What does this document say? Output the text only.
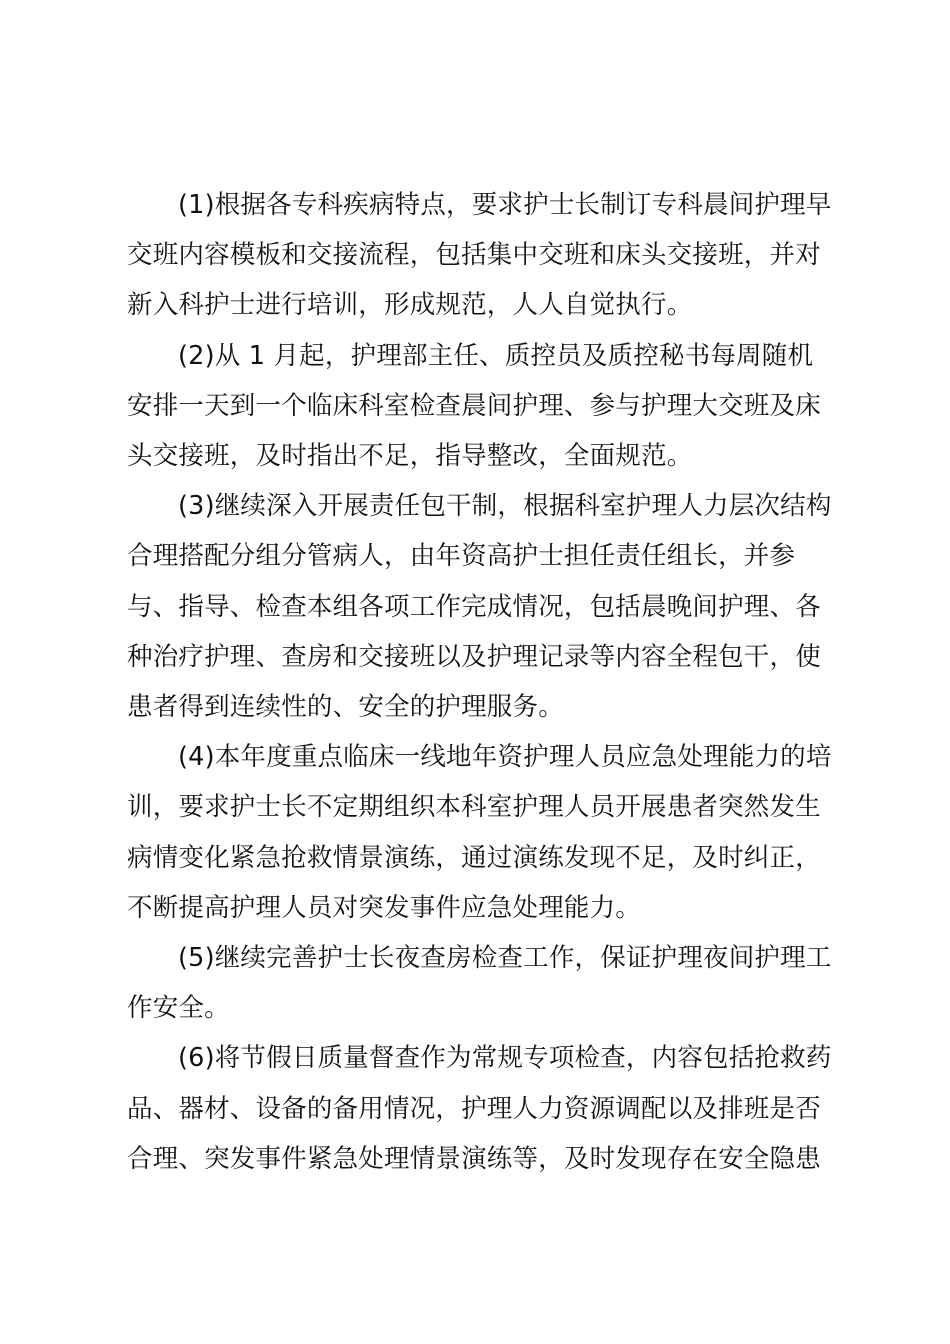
(1)根据各专科疾病特点，要求护士长制订专科晨间护理早交班内容模板和交接流程，包括集中交班和床头交接班，并对新入科护士进行培训，形成规范，人人自觉执行。

(2)从 1 月起，护理部主任、质控员及质控秘书每周随机安排一天到一个临床科室检查晨间护理、参与护理大交班及床头交接班，及时指出不足，指导整改，全面规范。

(3)继续深入开展责任包干制，根据科室护理人力层次结构合理搭配分组分管病人，由年资高护士担任责任组长，并参与、指导、检查本组各项工作完成情况，包括晨晚间护理、各种治疗护理、查房和交接班以及护理记录等内容全程包干，使患者得到连续性的、安全的护理服务。

(4)本年度重点临床一线地年资护理人员应急处理能力的培训，要求护士长不定期组织本科室护理人员开展患者突然发生病情变化紧急抢救情景演练，通过演练发现不足，及时纠正，不断提高护理人员对突发事件应急处理能力。

(5)继续完善护士长夜查房检查工作，保证护理夜间护理工作安全。

(6)将节假日质量督查作为常规专项检查，内容包括抢救药品、器材、设备的备用情况，护理人力资源调配以及排班是否合理、突发事件紧急处理情景演练等，及时发现存在安全隐患
